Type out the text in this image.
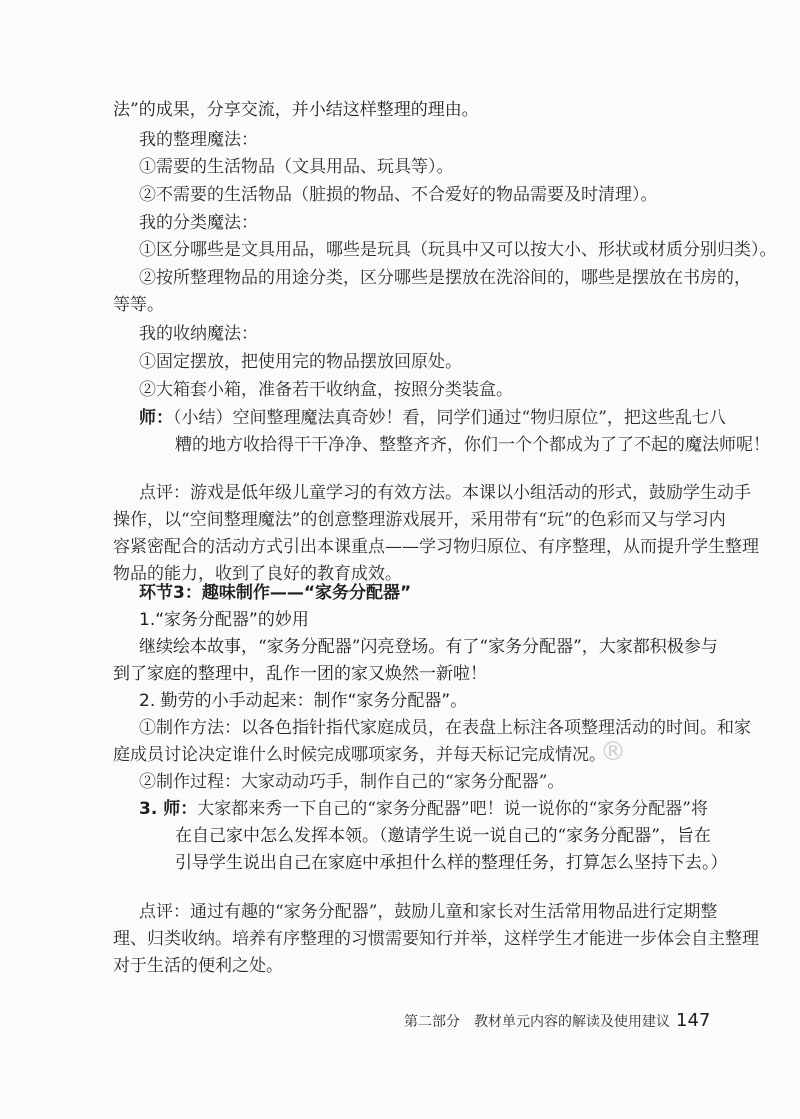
®
法”的成果，分享交流，并小结这样整理的理由。
我的整理魔法：
①需要的生活物品（文具用品、玩具等）。
②不需要的生活物品（脏损的物品、不合爱好的物品需要及时清理）。
我的分类魔法：
①区分哪些是文具用品，哪些是玩具（玩具中又可以按大小、形状或材质分别归类）。
②按所整理物品的用途分类，区分哪些是摆放在洗浴间的，哪些是摆放在书房的，
等等。
我的收纳魔法：
①固定摆放，把使用完的物品摆放回原处。
②大箱套小箱，准备若干收纳盒，按照分类装盒。
师：（小结）空间整理魔法真奇妙！看，同学们通过“物归原位”，把这些乱七八
糟的地方收拾得干干净净、整整齐齐，你们一个个都成为了了不起的魔法师呢！
点评：游戏是低年级儿童学习的有效方法。本课以小组活动的形式，鼓励学生动手
操作，以“空间整理魔法”的创意整理游戏展开，采用带有“玩”的色彩而又与学习内
容紧密配合的活动方式引出本课重点——学习物归原位、有序整理，从而提升学生整理
物品的能力，收到了良好的教育成效。
环节3：趣味制作——“家务分配器”
1.“家务分配器”的妙用
继续绘本故事，“家务分配器”闪亮登场。有了“家务分配器”，大家都积极参与
到了家庭的整理中，乱作一团的家又焕然一新啦！
2. 勤劳的小手动起来：制作“家务分配器”。
①制作方法：以各色指针指代家庭成员，在表盘上标注各项整理活动的时间。和家
庭成员讨论决定谁什么时候完成哪项家务，并每天标记完成情况。
②制作过程：大家动动巧手，制作自己的“家务分配器”。
3. 师：大家都来秀一下自己的“家务分配器”吧！说一说你的“家务分配器”将
在自己家中怎么发挥本领。（邀请学生说一说自己的“家务分配器”，旨在
引导学生说出自己在家庭中承担什么样的整理任务，打算怎么坚持下去。）
点评：通过有趣的“家务分配器”，鼓励儿童和家长对生活常用物品进行定期整
理、归类收纳。培养有序整理的习惯需要知行并举，这样学生才能进一步体会自主整理
对于生活的便利之处。
第二部分　教材单元内容的解读及使用建议 147
